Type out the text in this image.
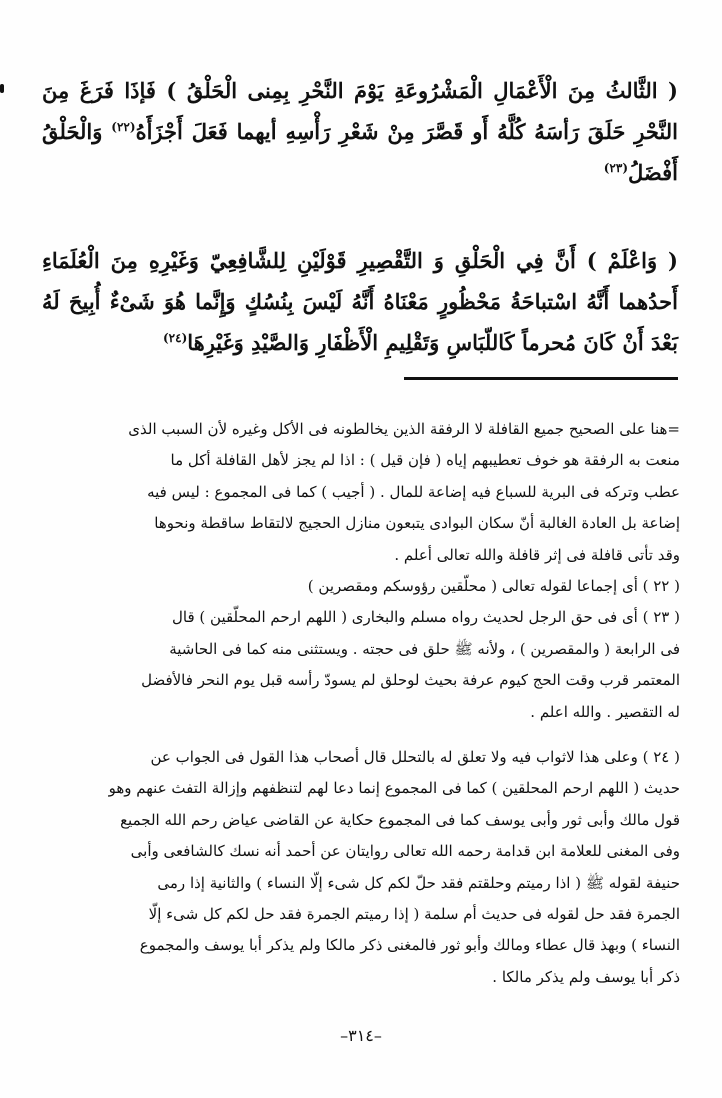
( الثَّالثُ مِنَ الْأَعْمَالِ الْمَشْرُوعَةِ يَوْمَ النَّحْرِ بِمِنى الْحَلْقُ ) فَإذَا فَرَغَ مِنَ النَّحْرِ حَلَقَ رَأسَهُ كُلَّهُ أَو قَصَّرَ مِنْ شَعْرِ رَأْسِهِ أيهما فَعَلَ أَجْزَأَهُ$^{(٢٢)}$ وَالْحَلْقُ أَفْضَلُ$^{(٢٣)}$
( وَاعْلَمْ ) أَنَّ فِي الْحَلْقِ وَ التَّقْصِيرِ قَوْلَيْنِ لِلشَّافِعِيّ وَغَيْرِهِ مِنَ الْعُلَمَاءِ أَحدُهما أَنَّهُ اسْتباحَةُ مَحْظُورٍ مَعْنَاهُ أَنَّهُ لَيْسَ بِنُسُكٍ وَإِنَّما هُوَ شَىْءٌ أُبِيحَ لَهُ بَعْدَ أَنْ كَانَ مُحرماً كَاللّبَاسِ وَتَقْلِيمِ الْأَظْفَارِ وَالصَّيْدِ وَغَيْرِهَا$^{(٢٤)}$
=هنا على الصحيح جميع القافلة لا الرفقة الذين يخالطونه فى الأكل وغيره لأن السبب الذى
منعت به الرفقة هو خوف تعطيبهم إياه ( فإن قيل ) : اذا لم يجز لأهل القافلة أكل ما
عطب وتركه فى البرية للسباع فيه إضاعة للمال . ( أجيب ) كما فى المجموع : ليس فيه
إضاعة بل العادة الغالبة أنّ سكان البوادى يتبعون منازل الحجيج لالتقاط ساقطة ونحوها
وقد تأتى قافلة فى إثر قافلة والله تعالى أعلم .
( ٢٢ ) أى إجماعا لقوله تعالى ( محلّقين رؤوسكم ومقصرين )
( ٢٣ ) أى فى حق الرجل لحديث رواه مسلم والبخارى ( اللهم ارحم المحلّقين ) قال
فى الرابعة ( والمقصرين ) ، ولأنه ﷺ حلق فى حجته . ويستثنى منه كما فى الحاشية
المعتمر قرب وقت الحج كيوم عرفة بحيث لوحلق لم يسودّ رأسه قبل يوم النحر فالأفضل
له التقصير . والله اعلم .
( ٢٤ ) وعلى هذا لاثواب فيه ولا تعلق له بالتحلل قال أصحاب هذا القول فى الجواب عن
حديث ( اللهم ارحم المحلقين ) كما فى المجموع إنما دعا لهم لتنظفهم وإزالة التفث عنهم وهو
قول مالك وأبى ثور وأبى يوسف كما فى المجموع حكاية عن القاضى عياض رحم الله الجميع
وفى المغنى للعلامة ابن قدامة رحمه الله تعالى روايتان عن أحمد أنه نسك كالشافعى وأبى
حنيفة لقوله ﷺ ( اذا رميتم وحلقتم فقد حلّ لكم كل شىء إلّا النساء ) والثانية إذا رمى
الجمرة فقد حل لقوله فى حديث أم سلمة ( إذا رميتم الجمرة فقد حل لكم كل شىء إلّا
النساء ) وبهذ قال عطاء ومالك وأبو ثور فالمغنى ذكر مالكا ولم يذكر أبا يوسف والمجموع
ذكر أبا يوسف ولم يذكر مالكا .
–٣١٤–
